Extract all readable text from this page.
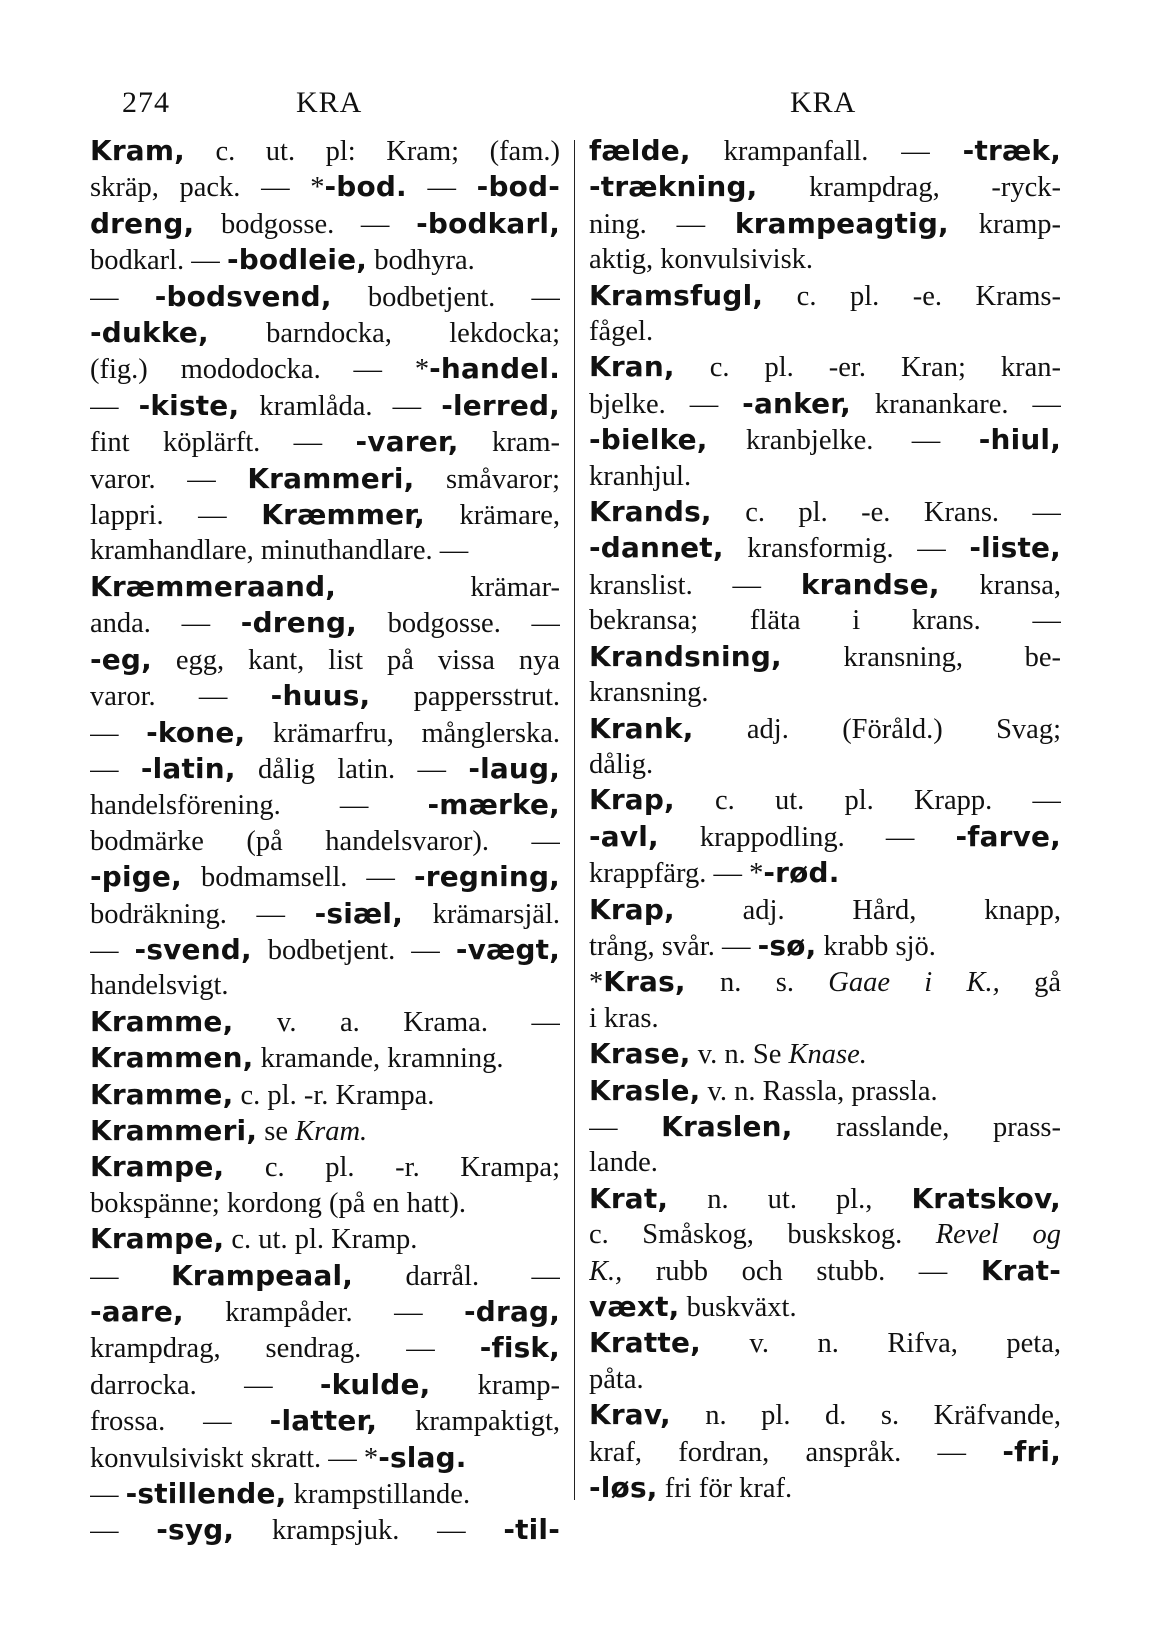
274	KRA	KRA
Kram, c. ut. pl: Kram; (fam.)
skräp, pack. — *-bod. — -bod-
dreng, bodgosse. — -bodkarl,
bodkarl. — -bodleie, bodhyra.
— -bodsvend, bodbetjent. —
-dukke, barndocka, lekdocka;
(fig.) mododocka. — *-handel.
— -kiste, kramlåda. — -lerred,
fint köplärft. — -varer, kram-
varor. — Krammeri, småvaror;
lappri. — Kræmmer, krämare,
kramhandlare, minuthandlare. —
Kræmmeraand, krämar-
anda. — -dreng, bodgosse. —
-eg, egg, kant, list på vissa nya
varor. — -huus, pappersstrut.
— -kone, krämarfru, månglerska.
— -latin, dålig latin. — -laug,
handelsförening. — -mærke,
bodmärke (på handelsvaror). —
-pige, bodmamsell. — -regning,
bodräkning. — -siæl, krämarsjäl.
— -svend, bodbetjent. — -vægt,
handelsvigt.
Kramme, v. a. Krama. —
Krammen, kramande, kramning.
Kramme, c. pl. -r. Krampa.
Krammeri, se Kram.
Krampe, c. pl. -r. Krampa;
bokspänne; kordong (på en hatt).
Krampe, c. ut. pl. Kramp.
— Krampeaal, darrål. —
-aare, krampåder. — -drag,
krampdrag, sendrag. — -fisk,
darrocka. — -kulde, kramp-
frossa. — -latter, krampaktigt,
konvulsiviskt skratt. — *-slag.
— -stillende, krampstillande.
— -syg, krampsjuk. — -til-
fælde, krampanfall. — -træk,
-trækning, krampdrag, -ryck-
ning. — krampeagtig, kramp-
aktig, konvulsivisk.
Kramsfugl, c. pl. -e. Krams-
fågel.
Kran, c. pl. -er. Kran; kran-
bjelke. — -anker, kranankare. —
-bielke, kranbjelke. — -hiul,
kranhjul.
Krands, c. pl. -e. Krans. —
-dannet, kransformig. — -liste,
kranslist. — krandse, kransa,
bekransa; fläta i krans. —
Krandsning, kransning, be-
kransning.
Krank, adj. (Föråld.) Svag;
dålig.
Krap, c. ut. pl. Krapp. —
-avl, krappodling. — -farve,
krappfärg. — *-rød.
Krap, adj. Hård, knapp,
trång, svår. — -sø, krabb sjö.
*Kras, n. s. Gaae i K., gå
i kras.
Krase, v. n. Se Knase.
Krasle, v. n. Rassla, prassla.
— Kraslen, rasslande, prass-
lande.
Krat, n. ut. pl., Kratskov,
c. Småskog, buskskog. Revel og
K., rubb och stubb. — Krat-
væxt, buskväxt.
Kratte, v. n. Rifva, peta,
påta.
Krav, n. pl. d. s. Kräfvande,
kraf, fordran, anspråk. — -fri,
-løs, fri för kraf.
